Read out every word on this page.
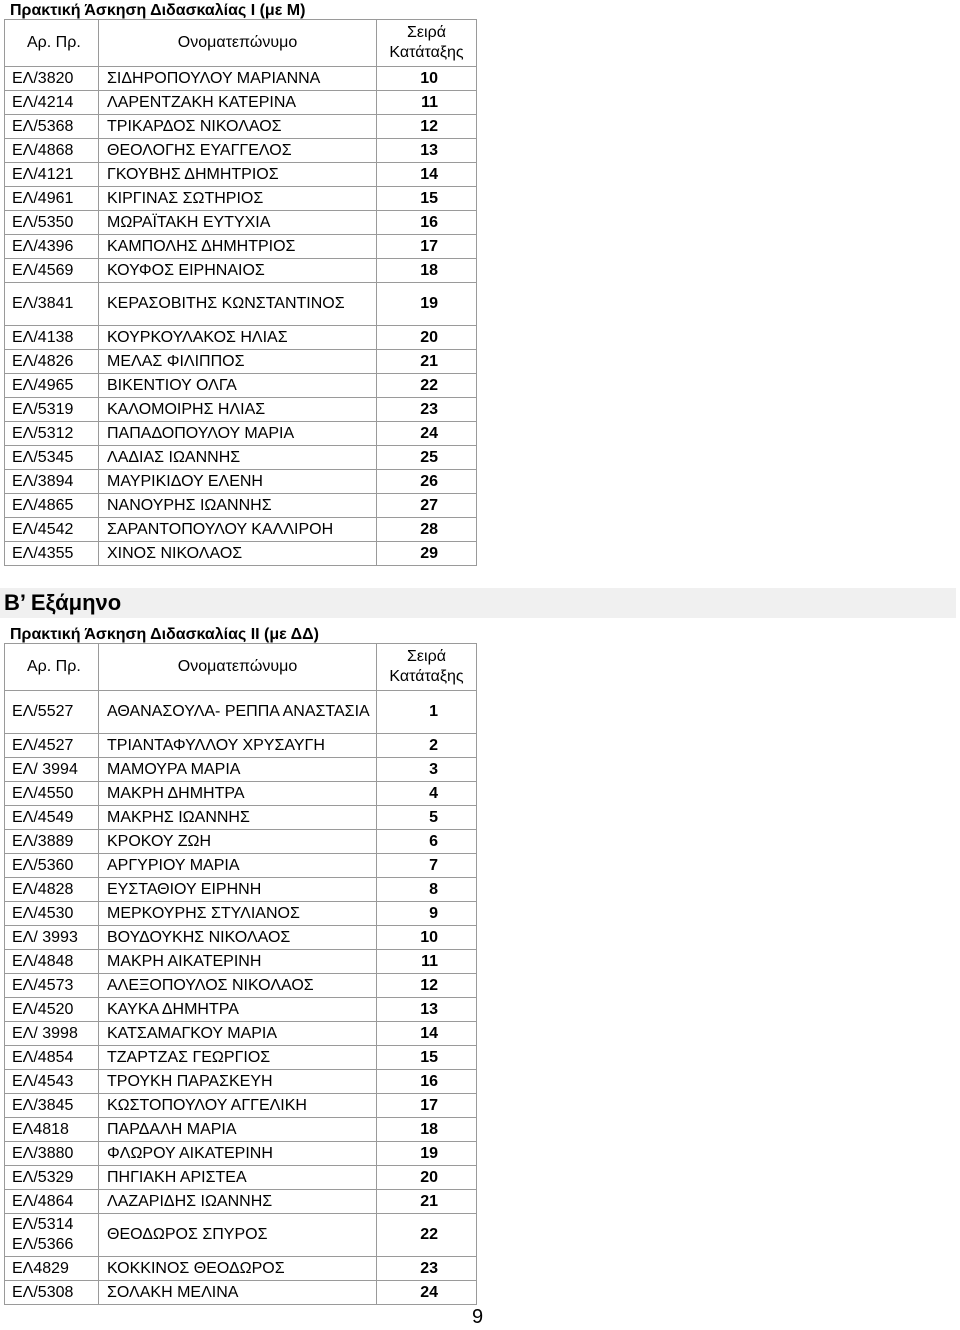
Πρακτική Άσκηση Διδασκαλίας Ι (με Μ)
Αρ. Πρ.	Ονοματεπώνυμο	Σειρά Κατάταξης
ΕΛ/3820	ΣΙΔΗΡΟΠΟΥΛΟΥ ΜΑΡΙΑΝΝΑ	10
ΕΛ/4214	ΛΑΡΕΝΤΖΑΚΗ ΚΑΤΕΡΙΝΑ	11
ΕΛ/5368	ΤΡΙΚΑΡΔΟΣ ΝΙΚΟΛΑΟΣ	12
ΕΛ/4868	ΘΕΟΛΟΓΗΣ ΕΥΑΓΓΕΛΟΣ	13
ΕΛ/4121	ΓΚΟΥΒΗΣ ΔΗΜΗΤΡΙΟΣ	14
ΕΛ/4961	ΚΙΡΓΙΝΑΣ ΣΩΤΗΡΙΟΣ	15
ΕΛ/5350	ΜΩΡΑΪΤΑΚΗ ΕΥΤΥΧΙΑ	16
ΕΛ/4396	ΚΑΜΠΟΛΗΣ ΔΗΜΗΤΡΙΟΣ	17
ΕΛ/4569	ΚΟΥΦΟΣ ΕΙΡΗΝΑΙΟΣ	18
ΕΛ/3841	ΚΕΡΑΣΟΒΙΤΗΣ ΚΩΝΣΤΑΝΤΙΝΟΣ	19
ΕΛ/4138	ΚΟΥΡΚΟΥΛΑΚΟΣ ΗΛΙΑΣ	20
ΕΛ/4826	ΜΕΛΑΣ ΦΙΛΙΠΠΟΣ	21
ΕΛ/4965	ΒΙΚΕΝΤΙΟΥ ΟΛΓΑ	22
ΕΛ/5319	ΚΑΛΟΜΟΙΡΗΣ ΗΛΙΑΣ	23
ΕΛ/5312	ΠΑΠΑΔΟΠΟΥΛΟΥ ΜΑΡΙΑ	24
ΕΛ/5345	ΛΑΔΙΑΣ ΙΩΑΝΝΗΣ	25
ΕΛ/3894	ΜΑΥΡΙΚΙΔΟΥ ΕΛΕΝΗ	26
ΕΛ/4865	ΝΑΝΟΥΡΗΣ ΙΩΑΝΝΗΣ	27
ΕΛ/4542	ΣΑΡΑΝΤΟΠΟΥΛΟΥ ΚΑΛΛΙΡΟΗ	28
ΕΛ/4355	ΧΙΝΟΣ ΝΙΚΟΛΑΟΣ	29
Β’ Εξάμηνο
Πρακτική Άσκηση Διδασκαλίας ΙΙ (με ΔΔ)
Αρ. Πρ.	Ονοματεπώνυμο	Σειρά Κατάταξης
ΕΛ/5527	ΑΘΑΝΑΣΟΥΛΑ- ΡΕΠΠΑ ΑΝΑΣΤΑΣΙΑ	1
ΕΛ/4527	ΤΡΙΑΝΤΑΦΥΛΛΟΥ ΧΡΥΣΑΥΓΗ	2
ΕΛ/ 3994	ΜΑΜΟΥΡΑ ΜΑΡΙΑ	3
ΕΛ/4550	ΜΑΚΡΗ ΔΗΜΗΤΡΑ	4
ΕΛ/4549	ΜΑΚΡΗΣ ΙΩΑΝΝΗΣ	5
ΕΛ/3889	ΚΡΟΚΟΥ ΖΩΗ	6
ΕΛ/5360	ΑΡΓΥΡΙΟΥ ΜΑΡΙΑ	7
ΕΛ/4828	ΕΥΣΤΑΘΙΟΥ ΕΙΡΗΝΗ	8
ΕΛ/4530	ΜΕΡΚΟΥΡΗΣ ΣΤΥΛΙΑΝΟΣ	9
ΕΛ/ 3993	ΒΟΥΔΟΥΚΗΣ ΝΙΚΟΛΑΟΣ	10
ΕΛ/4848	ΜΑΚΡΗ ΑΙΚΑΤΕΡΙΝΗ	11
ΕΛ/4573	ΑΛΕΞΟΠΟΥΛΟΣ ΝΙΚΟΛΑΟΣ	12
ΕΛ/4520	ΚΑΥΚΑ ΔΗΜΗΤΡΑ	13
ΕΛ/ 3998	ΚΑΤΣΑΜΑΓΚΟΥ ΜΑΡΙΑ	14
ΕΛ/4854	ΤΖΑΡΤΖΑΣ ΓΕΩΡΓΙΟΣ	15
ΕΛ/4543	ΤΡΟΥΚΗ ΠΑΡΑΣΚΕΥΗ	16
ΕΛ/3845	ΚΩΣΤΟΠΟΥΛΟΥ ΑΓΓΕΛΙΚΗ	17
ΕΛ4818	ΠΑΡΔΑΛΗ ΜΑΡΙΑ	18
ΕΛ/3880	ΦΛΩΡΟΥ ΑΙΚΑΤΕΡΙΝΗ	19
ΕΛ/5329	ΠΗΓΙΑΚΗ ΑΡΙΣΤΕΑ	20
ΕΛ/4864	ΛΑΖΑΡΙΔΗΣ ΙΩΑΝΝΗΣ	21
ΕΛ/5314 ΕΛ/5366	ΘΕΟΔΩΡΟΣ ΣΠΥΡΟΣ	22
ΕΛ4829	ΚΟΚΚΙΝΟΣ ΘΕΟΔΩΡΟΣ	23
ΕΛ/5308	ΣΟΛΑΚΗ ΜΕΛΙΝΑ	24
9
